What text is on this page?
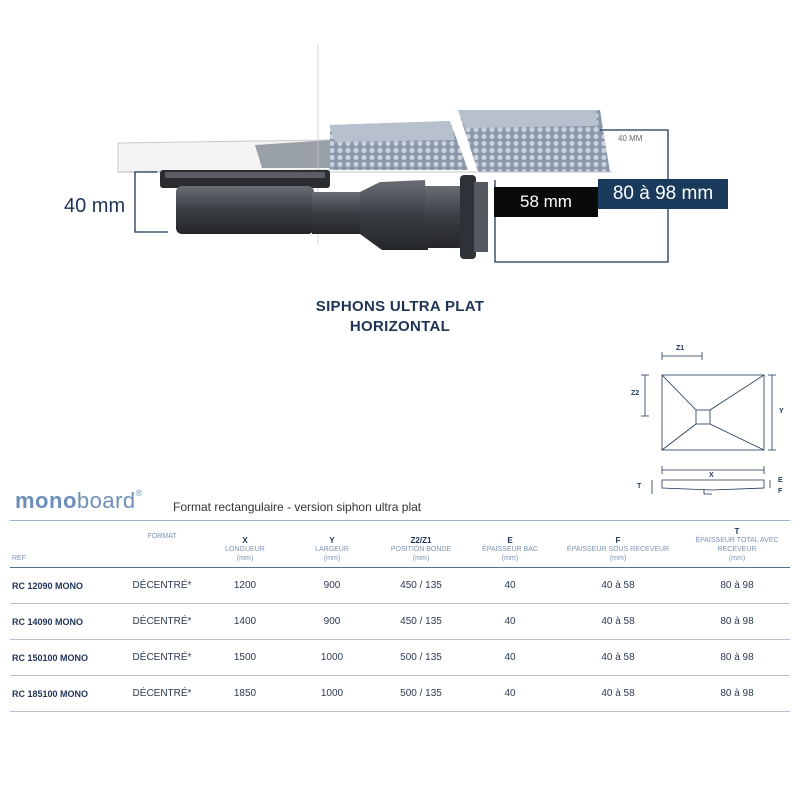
40 mm	58 mm	80 à 98 mm
40 MM
SIPHONS ULTRA PLAT
HORIZONTAL
Z1
Z2
Y
X
T
E
F
monoboard®
Format rectangulaire - version siphon ultra plat
REF	FORMAT	X
LONGUEUR
(mm)	Y
LARGEUR
(mm)	Z2/Z1
POSITION BONDE
(mm)	E
ÉPAISSEUR BAC
(mm)	F
ÉPAISSEUR SOUS RECEVEUR
(mm)	T
ÉPAISSEUR TOTAL AVEC RECEVEUR
(mm)
RC 12090 MONO	DÉCENTRÉ*	1200	900	450 / 135	40	40 à 58	80 à 98
RC 14090 MONO	DÉCENTRÉ*	1400	900	450 / 135	40	40 à 58	80 à 98
RC 150100 MONO	DÉCENTRÉ*	1500	1000	500 / 135	40	40 à 58	80 à 98
RC 185100 MONO	DÉCENTRÉ*	1850	1000	500 / 135	40	40 à 58	80 à 98
